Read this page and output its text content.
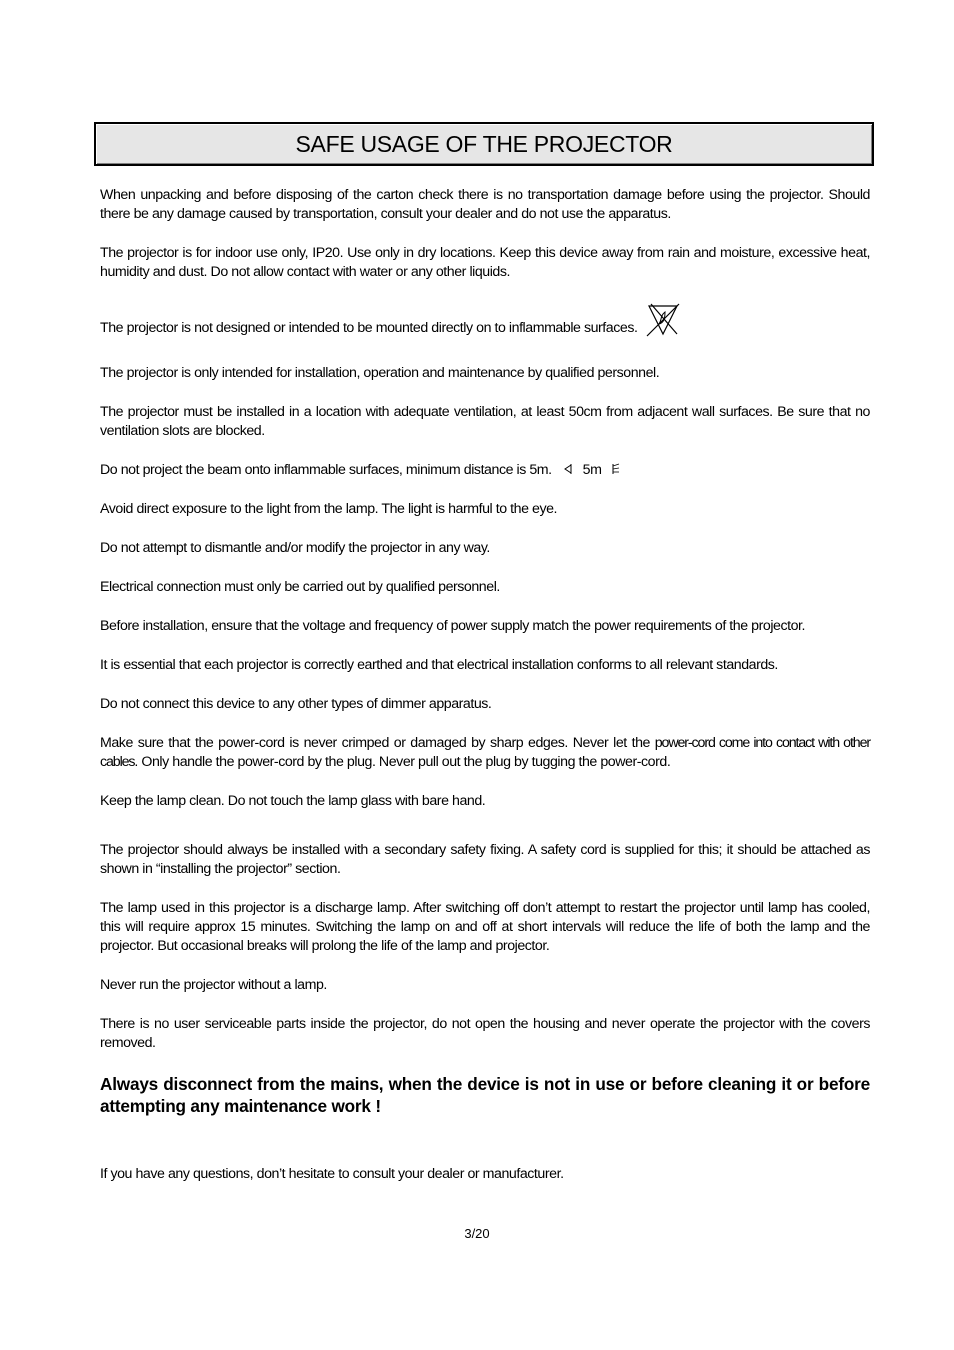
SAFE USAGE OF THE PROJECTOR

When unpacking and before disposing of the carton check there is no transportation damage before using the projector. Should there be any damage caused by transportation, consult your dealer and do not use the apparatus.

The projector is for indoor use only, IP20. Use only in dry locations. Keep this device away from rain and moisture, excessive heat, humidity and dust. Do not allow contact with water or any other liquids.

The projector is not designed or intended to be mounted directly on to inflammable surfaces.

The projector is only intended for installation, operation and maintenance by qualified personnel.

The projector must be installed in a location with adequate ventilation, at least 50cm from adjacent wall surfaces. Be sure that no ventilation slots are blocked.

Do not project the beam onto inflammable surfaces, minimum distance is 5m. 5m

Avoid direct exposure to the light from the lamp. The light is harmful to the eye.

Do not attempt to dismantle and/or modify the projector in any way.

Electrical connection must only be carried out by qualified personnel.

Before installation, ensure that the voltage and frequency of power supply match the power requirements of the projector.

It is essential that each projector is correctly earthed and that electrical installation conforms to all relevant standards.

Do not connect this device to any other types of dimmer apparatus.

Make sure that the power-cord is never crimped or damaged by sharp edges. Never let the power-cord come into contact with other cables. Only handle the power-cord by the plug. Never pull out the plug by tugging the power-cord.

Keep the lamp clean. Do not touch the lamp glass with bare hand.

The projector should always be installed with a secondary safety fixing. A safety cord is supplied for this; it should be attached as shown in “installing the projector” section.

The lamp used in this projector is a discharge lamp. After switching off don’t attempt to restart the projector until lamp has cooled, this will require approx 15 minutes. Switching the lamp on and off at short intervals will reduce the life of both the lamp and the projector. But occasional breaks will prolong the life of the lamp and projector.

Never run the projector without a lamp.

There is no user serviceable parts inside the projector, do not open the housing and never operate the projector with the covers removed.

Always disconnect from the mains, when the device is not in use or before cleaning it or before attempting any maintenance work !

If you have any questions, don’t hesitate to consult your dealer or manufacturer.

3/20
